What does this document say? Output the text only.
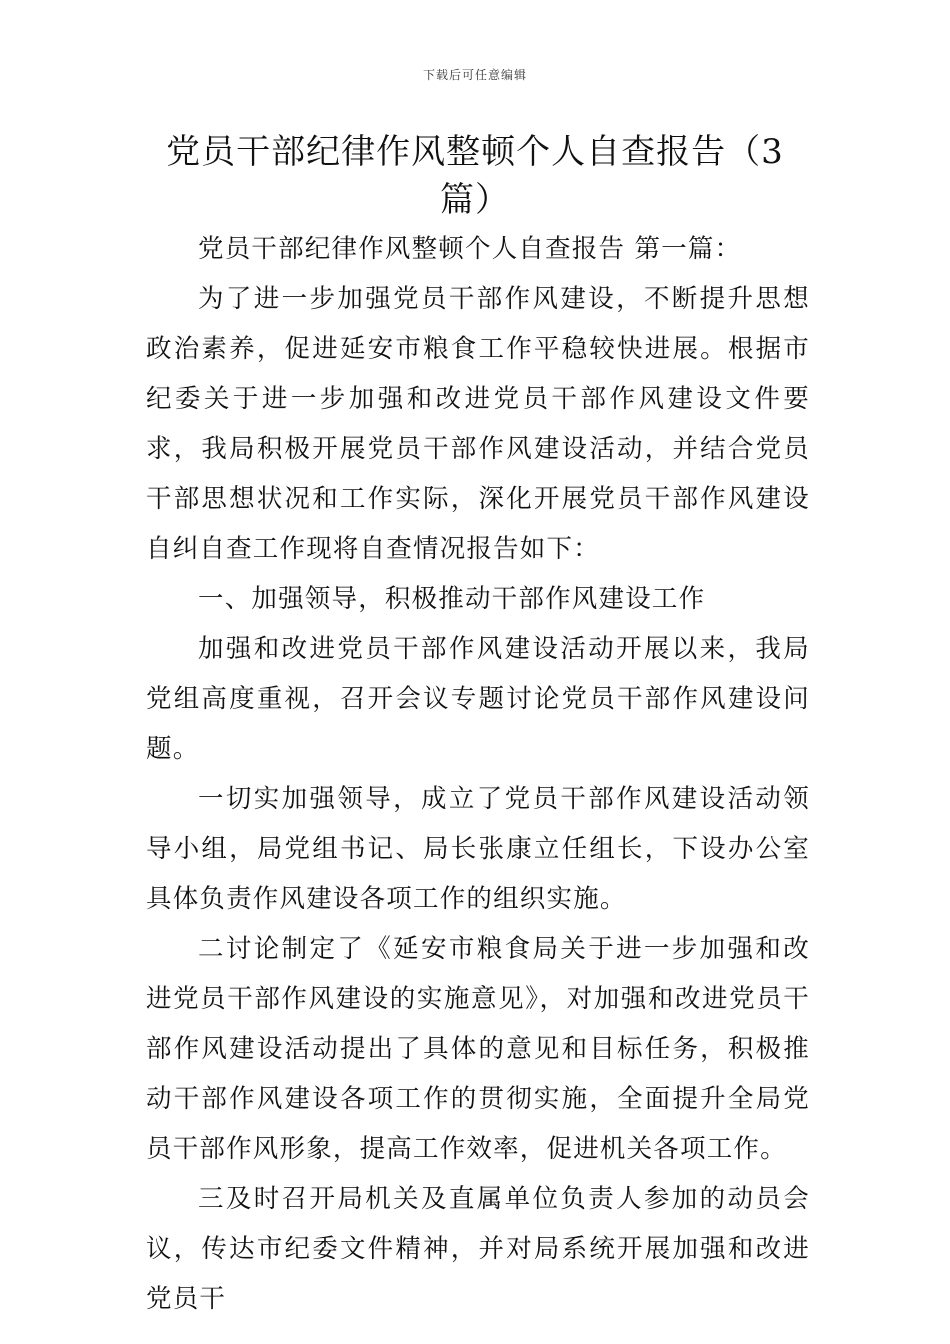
下载后可任意编辑
党员干部纪律作风整顿个人自查报告（3篇）

党员干部纪律作风整顿个人自查报告 第一篇：

为了进一步加强党员干部作风建设，不断提升思想政治素养，促进延安市粮食工作平稳较快进展。根据市纪委关于进一步加强和改进党员干部作风建设文件要求，我局积极开展党员干部作风建设活动，并结合党员干部思想状况和工作实际，深化开展党员干部作风建设自纠自查工作现将自查情况报告如下：

一、加强领导，积极推动干部作风建设工作

加强和改进党员干部作风建设活动开展以来，我局党组高度重视，召开会议专题讨论党员干部作风建设问题。

一切实加强领导，成立了党员干部作风建设活动领导小组，局党组书记、局长张康立任组长，下设办公室具体负责作风建设各项工作的组织实施。

二讨论制定了《延安市粮食局关于进一步加强和改进党员干部作风建设的实施意见》，对加强和改进党员干部作风建设活动提出了具体的意见和目标任务，积极推动干部作风建设各项工作的贯彻实施，全面提升全局党员干部作风形象，提高工作效率，促进机关各项工作。

三及时召开局机关及直属单位负责人参加的动员会议，传达市纪委文件精神，并对局系统开展加强和改进党员干
